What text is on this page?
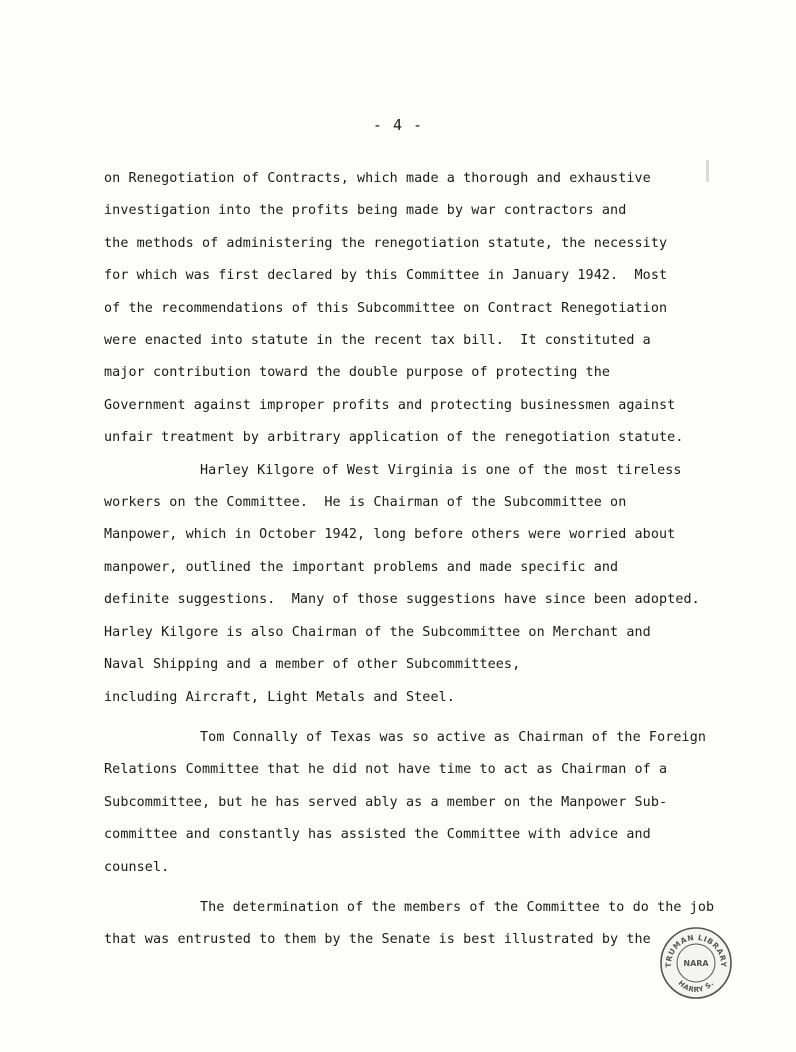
- 4 -

on Renegotiation of Contracts, which made a thorough and exhaustive
investigation into the profits being made by war contractors and
the methods of administering the renegotiation statute, the necessity
for which was first declared by this Committee in January 1942.  Most
of the recommendations of this Subcommittee on Contract Renegotiation
were enacted into statute in the recent tax bill.  It constituted a
major contribution toward the double purpose of protecting the
Government against improper profits and protecting businessmen against
unfair treatment by arbitrary application of the renegotiation statute.

Harley Kilgore of West Virginia is one of the most tireless
workers on the Committee.  He is Chairman of the Subcommittee on
Manpower, which in October 1942, long before others were worried about
manpower, outlined the important problems and made specific and
definite suggestions.  Many of those suggestions have since been adopted.
Harley Kilgore is also Chairman of the Subcommittee on Merchant and
Naval Shipping and a member of other Subcommittees,
including Aircraft, Light Metals and Steel.

Tom Connally of Texas was so active as Chairman of the Foreign
Relations Committee that he did not have time to act as Chairman of a
Subcommittee, but he has served ably as a member on the Manpower Sub-
committee and constantly has assisted the Committee with advice and
counsel.

The determination of the members of the Committee to do the job
that was entrusted to them by the Senate is best illustrated by the

TRUMAN LIBRARY
HARRY S.
NARA
